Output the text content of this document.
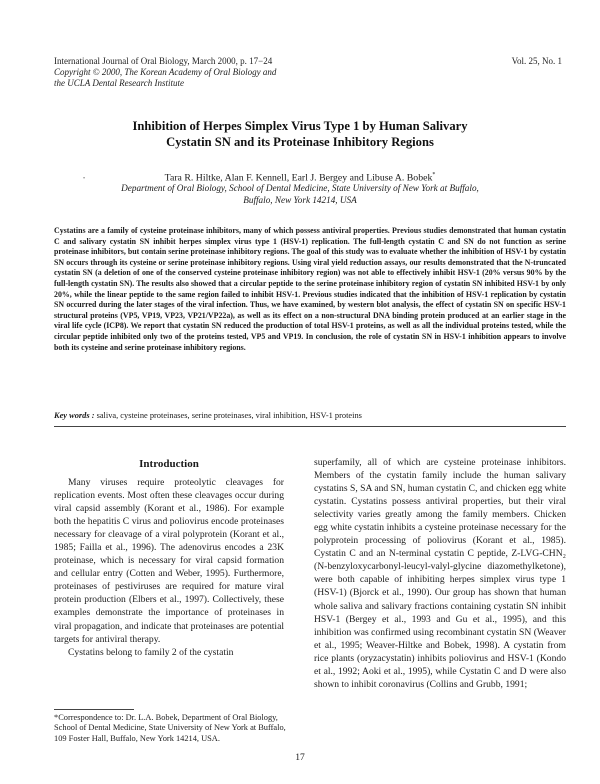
International Journal of Oral Biology, March 2000, p. 17−24
Copyright © 2000, The Korean Academy of Oral Biology and
the UCLA Dental Research Institute
Vol. 25, No. 1
Inhibition of Herpes Simplex Virus Type 1 by Human Salivary
Cystatin SN and its Proteinase Inhibitory Regions
Tara R. Hiltke, Alan F. Kennell, Earl J. Bergey and Libuse A. Bobek*
•
Department of Oral Biology, School of Dental Medicine, State University of New York at Buffalo,
Buffalo, New York 14214, USA
Cystatins are a family of cysteine proteinase inhibitors, many of which possess antiviral properties. Previous studies demonstrated that human cystatin C and salivary cystatin SN inhibit herpes simplex virus type 1 (HSV-1) replication. The full-length cystatin C and SN do not function as serine proteinase inhibitors, but contain serine proteinase inhibitory regions. The goal of this study was to evaluate whether the inhibition of HSV-1 by cystatin SN occurs through its cysteine or serine proteinase inhibitory regions. Using viral yield reduction assays, our results demonstrated that the N-truncated cystatin SN (a deletion of one of the conserved cysteine proteinase inhibitory region) was not able to effectively inhibit HSV-1 (20% versus 90% by the full-length cystatin SN). The results also showed that a circular peptide to the serine proteinase inhibitory region of cystatin SN inhibited HSV-1 by only 20%, while the linear peptide to the same region failed to inhibit HSV-1. Previous studies indicated that the inhibition of HSV-1 replication by cystatin SN occurred during the later stages of the viral infection. Thus, we have examined, by western blot analysis, the effect of cystatin SN on specific HSV-1 structural proteins (VP5, VP19, VP23, VP21/VP22a), as well as its effect on a non-structural DNA binding protein produced at an earlier stage in the viral life cycle (ICP8). We report that cystatin SN reduced the production of total HSV-1 proteins, as well as all the individual proteins tested, while the circular peptide inhibited only two of the proteins tested, VP5 and VP19. In conclusion, the role of cystatin SN in HSV-1 inhibition appears to involve both its cysteine and serine proteinase inhibitory regions.
Key words : saliva, cysteine proteinases, serine proteinases, viral inhibition, HSV-1 proteins
Introduction

Many viruses require proteolytic cleavages for replication events. Most often these cleavages occur during viral capsid assembly (Korant et al., 1986). For example both the hepatitis C virus and poliovirus encode proteinases necessary for cleavage of a viral polyprotein (Korant et al., 1985; Failla et al., 1996). The adenovirus encodes a 23K proteinase, which is necessary for viral capsid formation and cellular entry (Cotten and Weber, 1995). Furthermore, proteinases of pestiviruses are required for mature viral protein production (Elbers et al., 1997). Collectively, these examples demonstrate the importance of proteinases in viral propagation, and indicate that proteinases are potential targets for antiviral therapy.

Cystatins belong to family 2 of the cystatin

superfamily, all of which are cysteine proteinase inhibitors. Members of the cystatin family include the human salivary cystatins S, SA and SN, human cystatin C, and chicken egg white cystatin. Cystatins possess antiviral properties, but their viral selectivity varies greatly among the family members. Chicken egg white cystatin inhibits a cysteine proteinase necessary for the polyprotein processing of poliovirus (Korant et al., 1985). Cystatin C and an N-terminal cystatin C peptide, Z-LVG-CHN₂ (N-benzyloxycarbonyl-leucyl-valyl-glycine diazomethylketone), were both capable of inhibiting herpes simplex virus type 1 (HSV-1) (Bjorck et al., 1990). Our group has shown that human whole saliva and salivary fractions containing cystatin SN inhibit HSV-1 (Bergey et al., 1993 and Gu et al., 1995), and this inhibition was confirmed using recombinant cystatin SN (Weaver et al., 1995; Weaver-Hiltke and Bobek, 1998). A cystatin from rice plants (oryzacystatin) inhibits poliovirus and HSV-1 (Kondo et al., 1992; Aoki et al., 1995), while Cystatin C and D were also shown to inhibit coronavirus (Collins and Grubb, 1991;

*Correspondence to: Dr. L.A. Bobek, Department of Oral Biology, School of Dental Medicine, State University of New York at Buffalo, 109 Foster Hall, Buffalo, New York 14214, USA.
17
